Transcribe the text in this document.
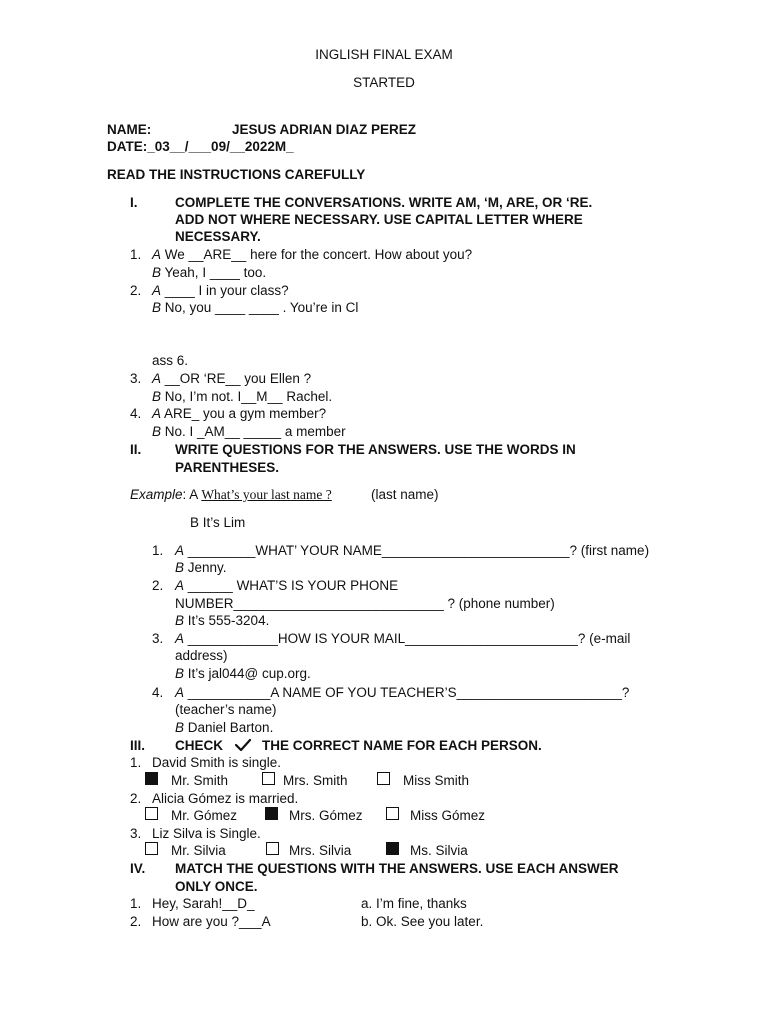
INGLISH FINAL EXAM
STARTED
NAME:	JESUS ADRIAN DIAZ PEREZ
DATE:_03__/___09/__2022M_
READ THE INSTRUCTIONS CAREFULLY
I.	COMPLETE THE CONVERSATIONS. WRITE AM, ‘M, ARE, OR ‘RE.
ADD NOT WHERE NECESSARY. USE CAPITAL LETTER WHERE
NECESSARY.
1. A We __ARE__ here for the concert. How about you?
B Yeah, I ____ too.
2. A ____ I in your class?
B No, you ____ ____ . You’re in Cl
ass 6.
3. A __OR ‘RE__ you Ellen ?
B No, I’m not. I__M__ Rachel.
4. A ARE_ you a gym member?
B No. I _AM__ _____ a member
II. WRITE QUESTIONS FOR THE ANSWERS. USE THE WORDS IN
PARENTHESES.
Example: A What’s your last name ?	(last name)
B It’s Lim
1. A _________WHAT’ YOUR NAME_________________________? (first name)
B Jenny.
2. A ______ WHAT’S IS YOUR PHONE
NUMBER____________________________ ? (phone number)
B It’s 555-3204.
3. A ____________HOW IS YOUR MAIL_______________________? (e-mail
address)
B It’s jal044@ cup.org.
4. A ___________A NAME OF YOU TEACHER’S______________________?
(teacher’s name)
B Daniel Barton.
III. CHECK	THE CORRECT NAME FOR EACH PERSON.
1. David Smith is single.
Mr. Smith	Mrs. Smith	Miss Smith
2. Alicia Gómez is married.
Mr. Gómez	Mrs. Gómez	Miss Gómez
3. Liz Silva is Single.
Mr. Silvia	Mrs. Silvia	Ms. Silvia
IV. MATCH THE QUESTIONS WITH THE ANSWERS. USE EACH ANSWER
ONLY ONCE.
1. Hey, Sarah!__D_	a. I’m fine, thanks
2. How are you ?___A	b. Ok. See you later.
